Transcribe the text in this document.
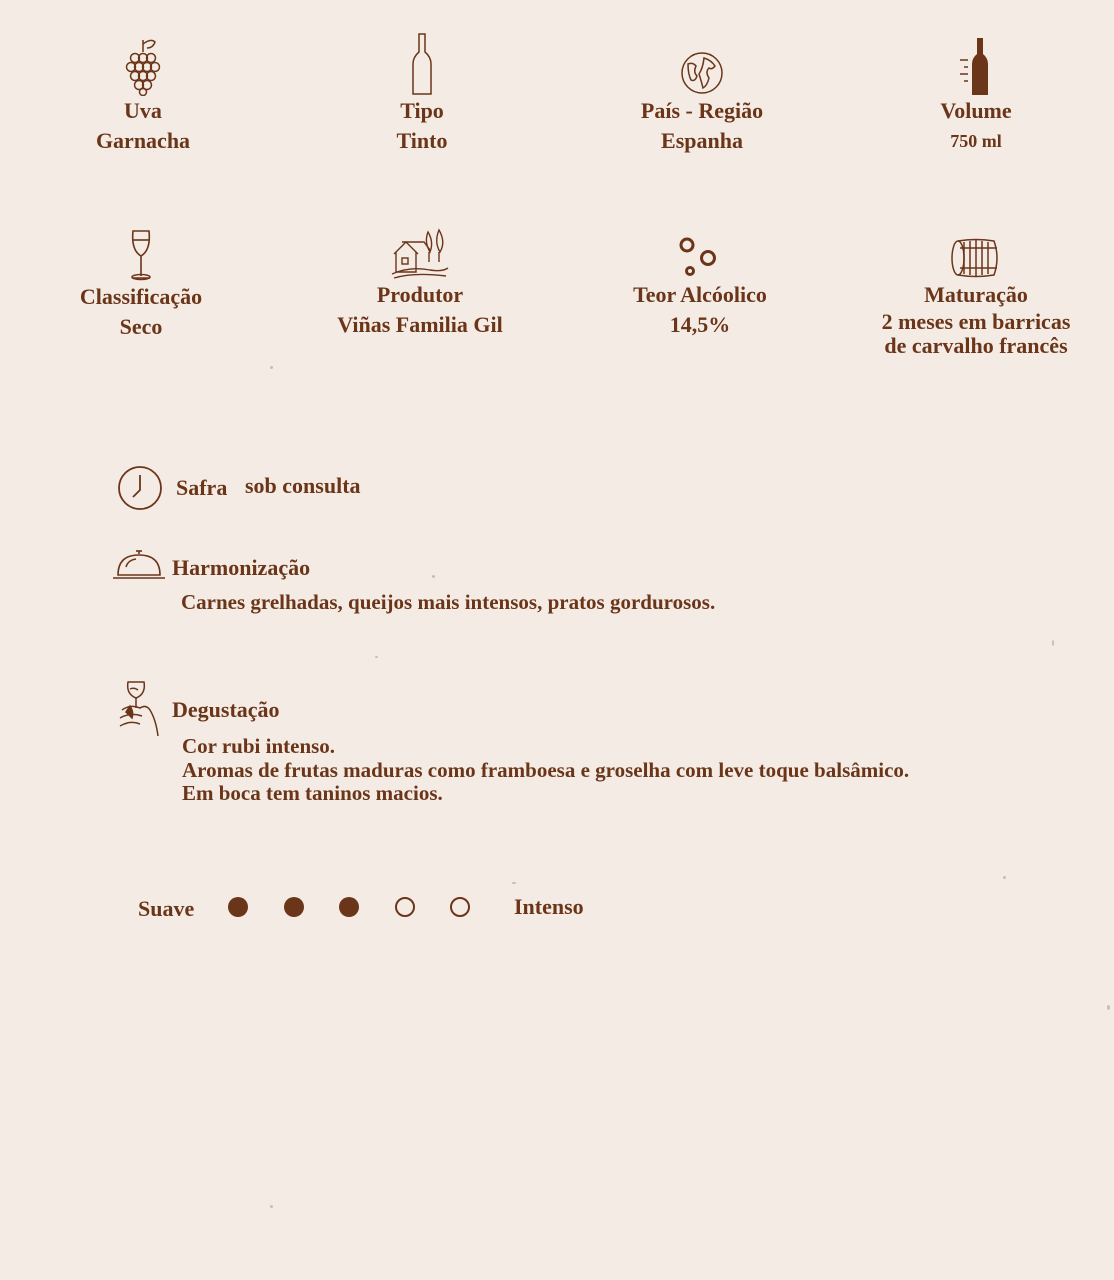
Uva
Garnacha
Tipo
Tinto
País - Região
Espanha
Volume
750 ml
Classificação
Seco
Produtor
Viñas Familia Gil
Teor Alcóolico
14,5%
Maturação
2 meses em barricas
de carvalho francês
Safra sob consulta
Harmonização
Carnes grelhadas, queijos mais intensos, pratos gordurosos.
Degustação
Cor rubi intenso.
Aromas de frutas maduras como framboesa e groselha com leve toque balsâmico.
Em boca tem taninos macios.
Suave	Intenso
